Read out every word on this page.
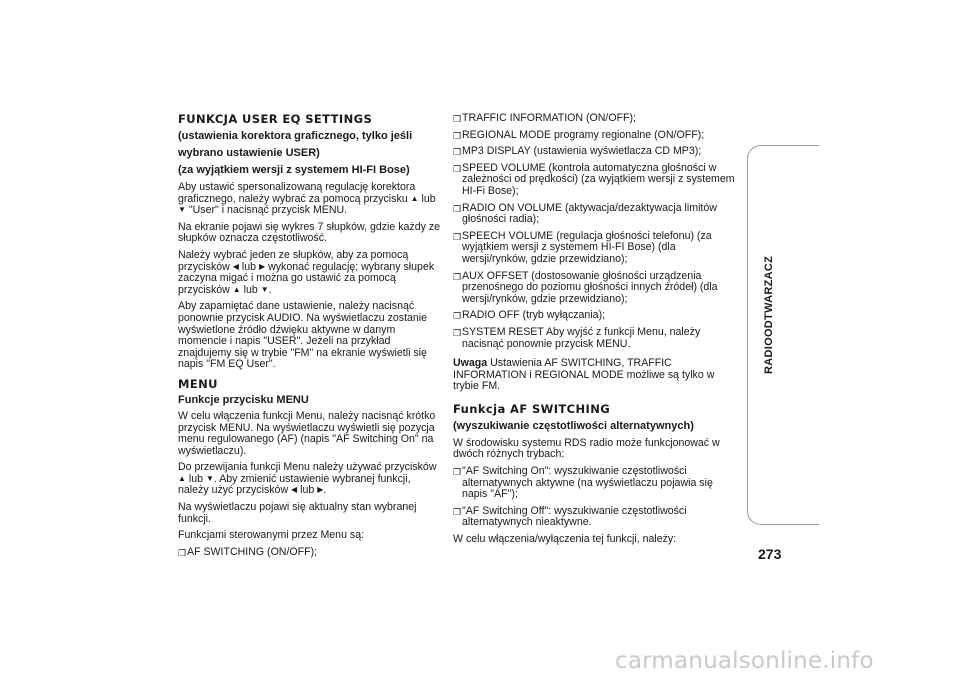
FUNKCJA USER EQ SETTINGS

(ustawienia korektora graficznego, tylko jeśli

wybrano ustawienie USER)

(za wyjątkiem wersji z systemem HI-FI Bose)

Aby ustawić spersonalizowaną regulację korektora graficznego, należy wybrać za pomocą przycisku ▲ lub ▼ "User" i nacisnąć przycisk MENU.

Na ekranie pojawi się wykres 7 słupków, gdzie każdy ze słupków oznacza częstotliwość.

Należy wybrać jeden ze słupków, aby za pomocą przycisków ◀ lub ▶ wykonać regulację; wybrany słupek zaczyna migać i można go ustawić za pomocą przycisków ▲ lub ▼.

Aby zapamiętać dane ustawienie, należy nacisnąć ponownie przycisk AUDIO. Na wyświetlaczu zostanie wyświetlone źródło dźwięku aktywne w danym momencie i napis "USER". Jeżeli na przykład znajdujemy się w trybie "FM" na ekranie wyświetli się napis "FM EQ User".

MENU

Funkcje przycisku MENU

W celu włączenia funkcji Menu, należy nacisnąć krótko przycisk MENU. Na wyświetlaczu wyświetli się pozycja menu regulowanego (AF) (napis "AF Switching On" na wyświetlaczu).

Do przewijania funkcji Menu należy używać przycisków ▲ lub ▼. Aby zmienić ustawienie wybranej funkcji, należy użyć przycisków ◀ lub ▶.

Na wyświetlaczu pojawi się aktualny stan wybranej funkcji.

Funkcjami sterowanymi przez Menu są:

❐ AF SWITCHING (ON/OFF);

❐ TRAFFIC INFORMATION (ON/OFF);

❐ REGIONAL MODE programy regionalne (ON/OFF);

❐ MP3 DISPLAY (ustawienia wyświetlacza CD MP3);

❐ SPEED VOLUME (kontrola automatyczna głośności w zależności od prędkości) (za wyjątkiem wersji z systemem HI-Fi Bose);

❐ RADIO ON VOLUME (aktywacja/dezaktywacja limitów głośności radia);

❐ SPEECH VOLUME (regulacja głośności telefonu) (za wyjątkiem wersji z systemem HI-FI Bose) (dla wersji/rynków, gdzie przewidziano);

❐ AUX OFFSET (dostosowanie głośności urządzenia przenośnego do poziomu głośności innych źródeł) (dla wersji/rynków, gdzie przewidziano);

❐ RADIO OFF (tryb wyłączania);

❐ SYSTEM RESET Aby wyjść z funkcji Menu, należy nacisnąć ponownie przycisk MENU.

Uwaga Ustawienia AF SWITCHING, TRAFFIC INFORMATION i REGIONAL MODE możliwe są tylko w trybie FM.

Funkcja AF SWITCHING

(wyszukiwanie częstotliwości alternatywnych)

W środowisku systemu RDS radio może funkcjonować w dwóch różnych trybach:

❐ "AF Switching On": wyszukiwanie częstotliwości alternatywnych aktywne (na wyświetlaczu pojawia się napis "AF");

❐ "AF Switching Off": wyszukiwanie częstotliwości alternatywnych nieaktywne.

W celu włączenia/wyłączenia tej funkcji, należy:

RADIOODTWARZACZ
273
carmanualsonline.info
